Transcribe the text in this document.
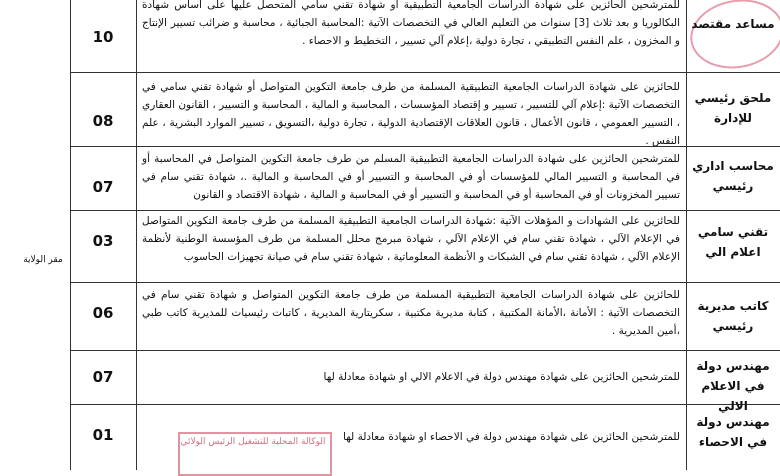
مقر الولاية
10
للمترشحين الحائزين على شهادة الدراسات الجامعية التطبيقية أو شهادة تقني سامي المتحصل عليها على أساس شهادة البكالوريا و بعد ثلاث [3] سنوات من التعليم العالي في التخصصات الآتية :المحاسبة الجبائية ، محاسبة و ضرائب تسيير الإنتاج و المخزون ، علم النفس التطبيقي ، تجارة دولية ،إعلام آلي تسيير ، التخطيط و الاحصاء .
مساعد مقتصد
08
للحائزين على شهادة الدراسات الجامعية التطبيقية المسلمة من طرف جامعة التكوين المتواصل أو شهادة تقني سامي في التخصصات الآتية :إعلام آلي للتسيير ، تسيير و إقتصاد المؤسسات ، المحاسبة و المالية ، المحاسبة و التسيير ، القانون العقاري ، التسيير العمومي ، قانون الأعمال ، قانون العلاقات الإقتصادية الدولية ، تجارة دولية ،التسويق ، تسيير الموارد البشرية ، علم النفس .
ملحق رئيسي للإدارة
07
للمترشحين الحائزين على شهادة الدراسات الجامعية التطبيقية المسلم من طرف جامعة التكوين المتواصل في المحاسبة أو في المحاسبة و التسيير المالي للمؤسسات أو في المحاسبة و التسيير أو في المحاسبة و المالية .، شهادة تقني سام في تسيير المخزونات أو في المحاسبة أو في المحاسبة و التسيير أو في المحاسبة و المالية ، شهادة الاقتصاد و القانون
محاسب اداري رئيسي
03
للحائزين على الشهادات و المؤهلات الآتية :شهادة الدراسات الجامعية التطبيقية المسلمة من طرف جامعة التكوين المتواصل في الإعلام الآلي ، شهادة تقني سام في الإعلام الآلي ، شهادة مبرمج محلل المسلمة من طرف المؤسسة الوطنية لأنظمة الإعلام الآلي ، شهادة تقني سام في الشبكات و الأنظمة المعلوماتية ، شهادة تقني سام في صيانة تجهيزات الحاسوب
تقني سامي اعلام الي
06
للحائزين على شهادة الدراسات الجامعية التطبيقية المسلمة من طرف جامعة التكوين المتواصل و شهادة تقني سام في التخصصات الآتية : الأمانة ،الأمانة المكتبية ، كتابة مديرية مكتبية ، سكريتارية المديرية ، كاتبات رئيسيات للمديرية كاتب طبي ،أمين المديرية .
كاتب مديرية رئيسي
07	للمترشحين الحائزين على شهادة مهندس دولة في الاعلام الالي او شهادة معادلة لها
مهندس دولة في الاعلام الالي
01	للمترشحين الحائزين على شهادة مهندس دولة في الاحصاء او شهادة معادلة لها
مهندس دولة في الاحصاء
الوكالة المحلية للتشغيل الرئيس الولائي
